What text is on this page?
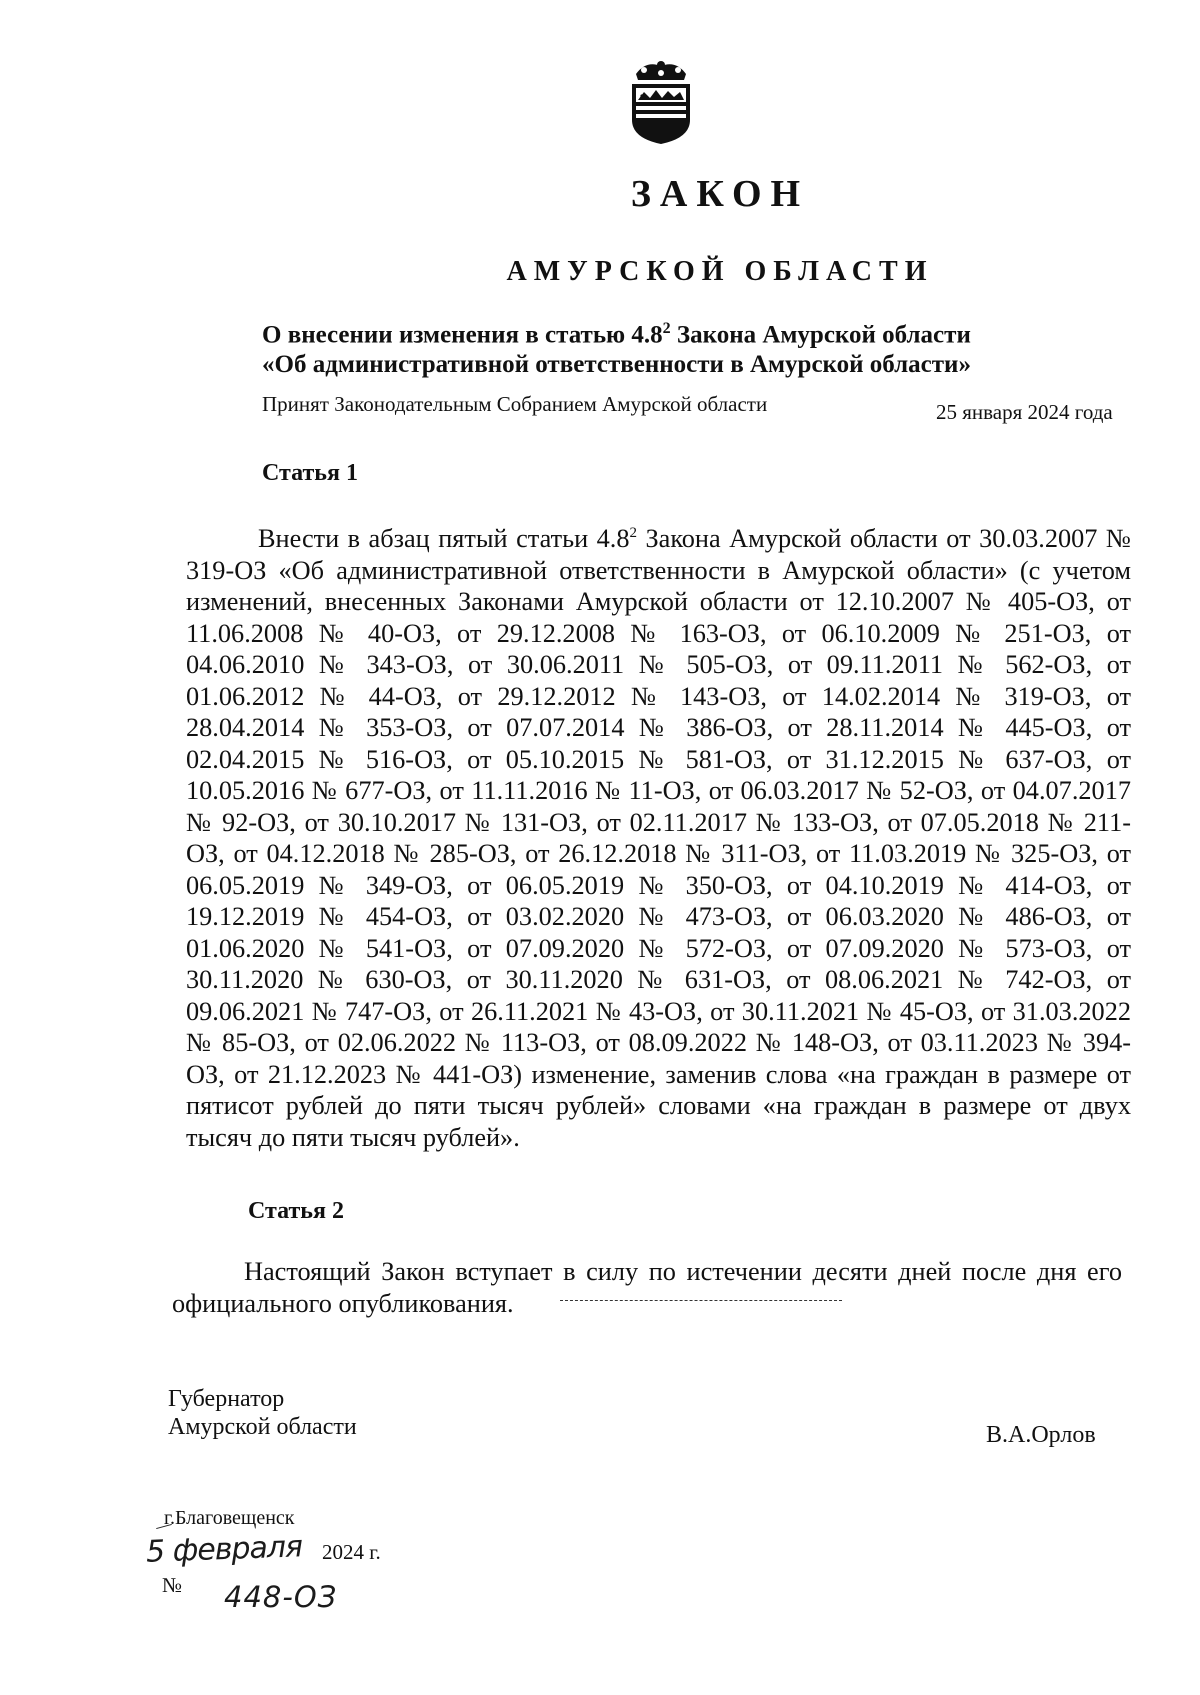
ЗАКОН
АМУРСКОЙ ОБЛАСТИ
О внесении изменения в статью $4.8^2$ Закона Амурской области
«Об административной ответственности в Амурской области»
Принят Законодательным Собранием Амурской области	25 января 2024 года
Статья 1

Внести в абзац пятый статьи $4.8^2$ Закона Амурской области от 30.03.2007 № 319-ОЗ «Об административной ответственности в Амурской области» (с учетом изменений, внесенных Законами Амурской области от 12.10.2007 № 405-ОЗ, от 11.06.2008 № 40-ОЗ, от 29.12.2008 № 163-ОЗ, от 06.10.2009 № 251-ОЗ, от 04.06.2010 № 343-ОЗ, от 30.06.2011 № 505-ОЗ, от 09.11.2011 № 562-ОЗ, от 01.06.2012 № 44-ОЗ, от 29.12.2012 № 143-ОЗ, от 14.02.2014 № 319-ОЗ, от 28.04.2014 № 353-ОЗ, от 07.07.2014 № 386-ОЗ, от 28.11.2014 № 445-ОЗ, от 02.04.2015 № 516-ОЗ, от 05.10.2015 № 581-ОЗ, от 31.12.2015 № 637-ОЗ, от 10.05.2016 № 677-ОЗ, от 11.11.2016 № 11-ОЗ, от 06.03.2017 № 52-ОЗ, от 04.07.2017 № 92-ОЗ, от 30.10.2017 № 131-ОЗ, от 02.11.2017 № 133-ОЗ, от 07.05.2018 № 211-ОЗ, от 04.12.2018 № 285-ОЗ, от 26.12.2018 № 311-ОЗ, от 11.03.2019 № 325-ОЗ, от 06.05.2019 № 349-ОЗ, от 06.05.2019 № 350-ОЗ, от 04.10.2019 № 414-ОЗ, от 19.12.2019 № 454-ОЗ, от 03.02.2020 № 473-ОЗ, от 06.03.2020 № 486-ОЗ, от 01.06.2020 № 541-ОЗ, от 07.09.2020 № 572-ОЗ, от 07.09.2020 № 573-ОЗ, от 30.11.2020 № 630-ОЗ, от 30.11.2020 № 631-ОЗ, от 08.06.2021 № 742-ОЗ, от 09.06.2021 № 747-ОЗ, от 26.11.2021 № 43-ОЗ, от 30.11.2021 № 45-ОЗ, от 31.03.2022 № 85-ОЗ, от 02.06.2022 № 113-ОЗ, от 08.09.2022 № 148-ОЗ, от 03.11.2023 № 394-ОЗ, от 21.12.2023 № 441-ОЗ) изменение, заменив слова «на граждан в размере от пятисот рублей до пяти тысяч рублей» словами «на граждан в размере от двух тысяч до пяти тысяч рублей».

Статья 2

Настоящий Закон вступает в силу по истечении десяти дней после дня его официального опубликования.

Губернатор
Амурской области	В.А.Орлов
г.Благовещенск
5 февраля 2024 г.
№ 448-ОЗ
